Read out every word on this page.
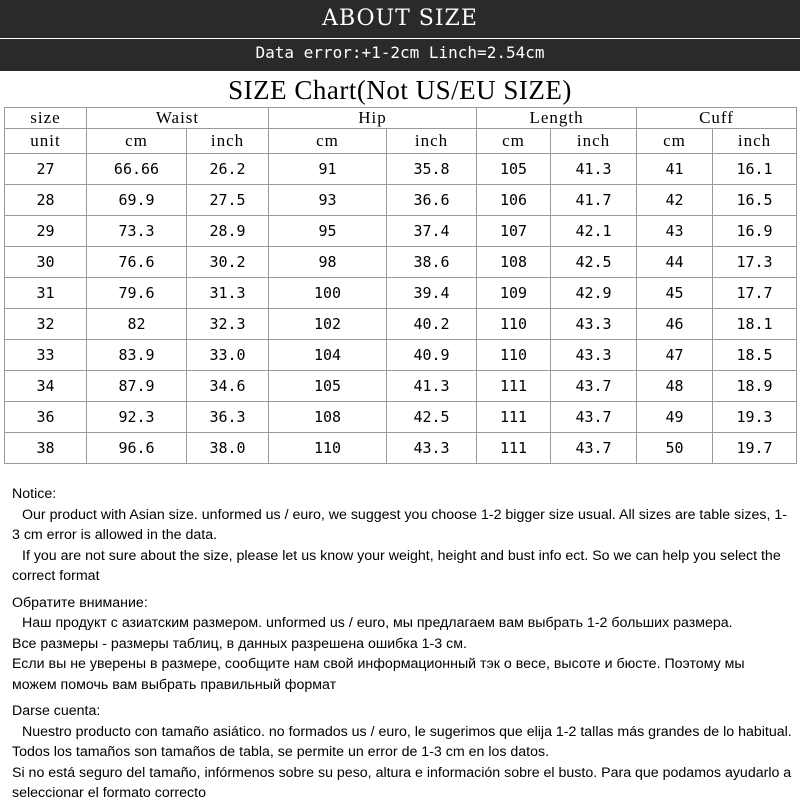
ABOUT SIZE
Data error:+1-2cm Linch=2.54cm
SIZE Chart(Not US/EU SIZE)
size	Waist		Hip		Length		Cuff	
unit	cm	inch	cm	inch	cm	inch	cm	inch
27	66.66	26.2	91	35.8	105	41.3	41	16.1
28	69.9	27.5	93	36.6	106	41.7	42	16.5
29	73.3	28.9	95	37.4	107	42.1	43	16.9
30	76.6	30.2	98	38.6	108	42.5	44	17.3
31	79.6	31.3	100	39.4	109	42.9	45	17.7
32	82	32.3	102	40.2	110	43.3	46	18.1
33	83.9	33.0	104	40.9	110	43.3	47	18.5
34	87.9	34.6	105	41.3	111	43.7	48	18.9
36	92.3	36.3	108	42.5	111	43.7	49	19.3
38	96.6	38.0	110	43.3	111	43.7	50	19.7

Notice:

Our product with Asian size. unformed us / euro, we suggest you choose 1-2 bigger size usual. All sizes are table sizes, 1-3 cm error is allowed in the data.

If you are not sure about the size, please let us know your weight, height and bust info ect. So we can help you select the correct format

Обратите внимание:

Наш продукт с азиатским размером. unformed us / euro, мы предлагаем вам выбрать 1-2 больших размера.

Все размеры - размеры таблиц, в данных разрешена ошибка 1-3 см.

Если вы не уверены в размере, сообщите нам свой информационный тэк о весе, высоте и бюсте. Поэтому мы можем помочь вам выбрать правильный формат

Darse cuenta:

Nuestro producto con tamaño asiático. no formados us / euro, le sugerimos que elija 1-2 tallas más grandes de lo habitual. Todos los tamaños son tamaños de tabla, se permite un error de 1-3 cm en los datos.

Si no está seguro del tamaño, infórmenos sobre su peso, altura e información sobre el busto. Para que podamos ayudarlo a seleccionar el formato correcto
